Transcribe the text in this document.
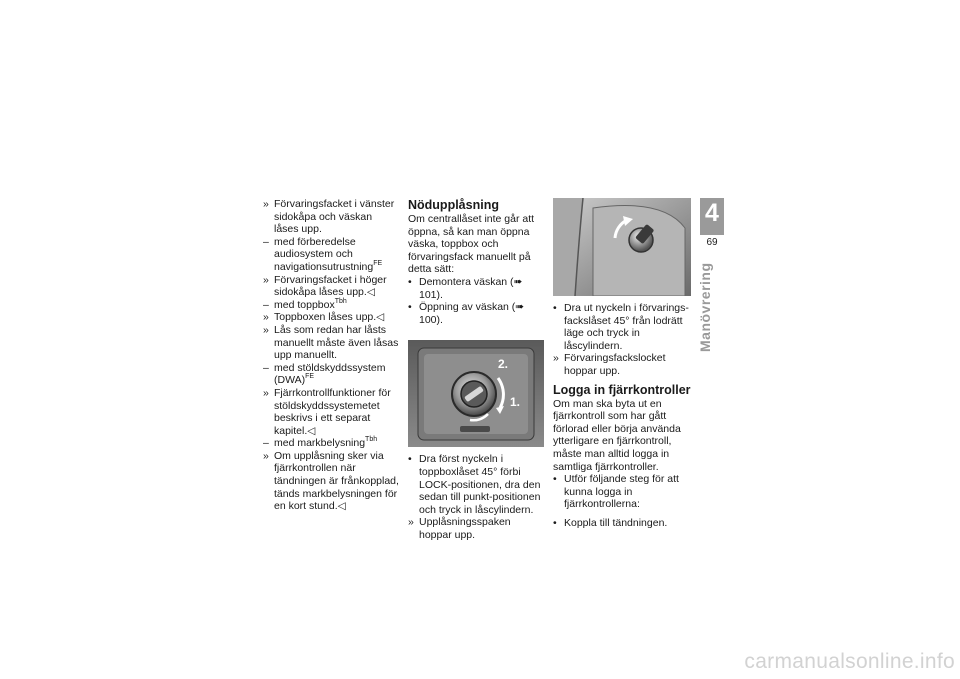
» Förvaringsfacket i vänster sidokåpa och väskan låses upp.
– med förberedelse audiosystem och navigationsutrustning$^{FE}$
» Förvaringsfacket i höger sidokåpa låses upp.◁
– med toppbox$^{Tbh}$
» Toppboxen låses upp.◁
» Lås som redan har låsts manuellt måste även låsas upp manuellt.
– med stöldskyddssystem (DWA)$^{FE}$
» Fjärrkontrollfunktioner för stöldskyddssystemetet beskrivs i ett separat kapitel.◁
– med markbelysning$^{Tbh}$
» Om upplåsning sker via fjärrkontrollen när tändningen är frånkopplad, tänds markbelysningen för en kort stund.◁
Nödupplåsning
Om centrallåset inte går att öppna, så kan man öppna väska, toppbox och förvaringsfack manuellt på detta sätt:
• Demontera väskan (➠ 101).
• Öppning av väskan (➠ 100).
2.
1.
• Dra först nyckeln i toppboxlåset 45° förbi LOCK-positionen, dra den sedan till punkt-positionen och tryck in låscylindern.
» Upplåsningsspaken hoppar upp.
• Dra ut nyckeln i förvaringsfackslåset 45° från lodrätt läge och tryck in låscylindern.
» Förvaringsfackslocket hoppar upp.
Logga in fjärrkontroller
Om man ska byta ut en fjärrkontroll som har gått förlorad eller börja använda ytterligare en fjärrkontroll, måste man alltid logga in samtliga fjärrkontroller.
• Utför följande steg för att kunna logga in fjärrkontrollerna:
• Koppla till tändningen.
4
69
Manövrering
carmanualsonline.info
